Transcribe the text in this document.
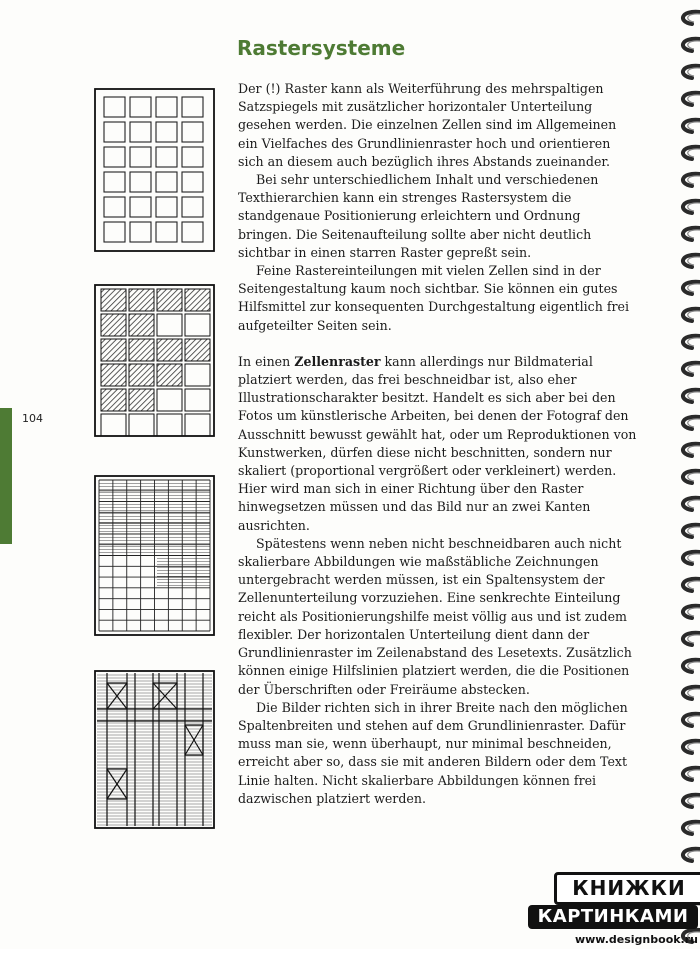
104
Rastersysteme

Der (!) Raster kann als Weiterführung des mehrspaltigen Satzspiegels mit zusätzlicher horizontaler Unterteilung gesehen werden. Die einzelnen Zellen sind im Allgemeinen ein Vielfaches des Grundlinienraster hoch und orientieren sich an diesem auch bezüglich ihres Abstands zueinander.

Bei sehr unterschiedlichem Inhalt und verschiedenen Texthierarchien kann ein strenges Rastersystem die standgenaue Positionierung erleichtern und Ordnung bringen. Die Seitenaufteilung sollte aber nicht deutlich sichtbar in einen starren Raster gepreßt sein.

Feine Rastereinteilungen mit vielen Zellen sind in der Seitengestaltung kaum noch sichtbar. Sie können ein gutes Hilfsmittel zur konsequenten Durchgestaltung eigentlich frei aufgeteilter Seiten sein.

In einen Zellenraster kann allerdings nur Bildmaterial platziert werden, das frei beschneidbar ist, also eher Illustrationscharakter besitzt. Handelt es sich aber bei den Fotos um künstlerische Arbeiten, bei denen der Fotograf den Ausschnitt bewusst gewählt hat, oder um Reproduktionen von Kunstwerken, dürfen diese nicht beschnitten, sondern nur skaliert (proportional vergrößert oder verkleinert) werden. Hier wird man sich in einer Richtung über den Raster hinwegsetzen müssen und das Bild nur an zwei Kanten ausrichten.

Spätestens wenn neben nicht beschneidbaren auch nicht skalierbare Abbildungen wie maßstäbliche Zeichnungen untergebracht werden müssen, ist ein Spaltensystem der Zellenunterteilung vorzuziehen. Eine senkrechte Einteilung reicht als Positionierungshilfe meist völlig aus und ist zudem flexibler. Der horizontalen Unterteilung dient dann der Grundlinienraster im Zeilenabstand des Lesetexts. Zusätzlich können einige Hilfslinien platziert werden, die die Positionen der Überschriften oder Freiräume abstecken.

Die Bilder richten sich in ihrer Breite nach den möglichen Spaltenbreiten und stehen auf dem Grundlinienraster. Dafür muss man sie, wenn überhaupt, nur minimal beschneiden, erreicht aber so, dass sie mit anderen Bildern oder dem Text Linie halten. Nicht skalierbare Abbildungen können frei dazwischen platziert werden.

КНИЖКИ
КАРТИНКАМИ
www.designbook.ru
